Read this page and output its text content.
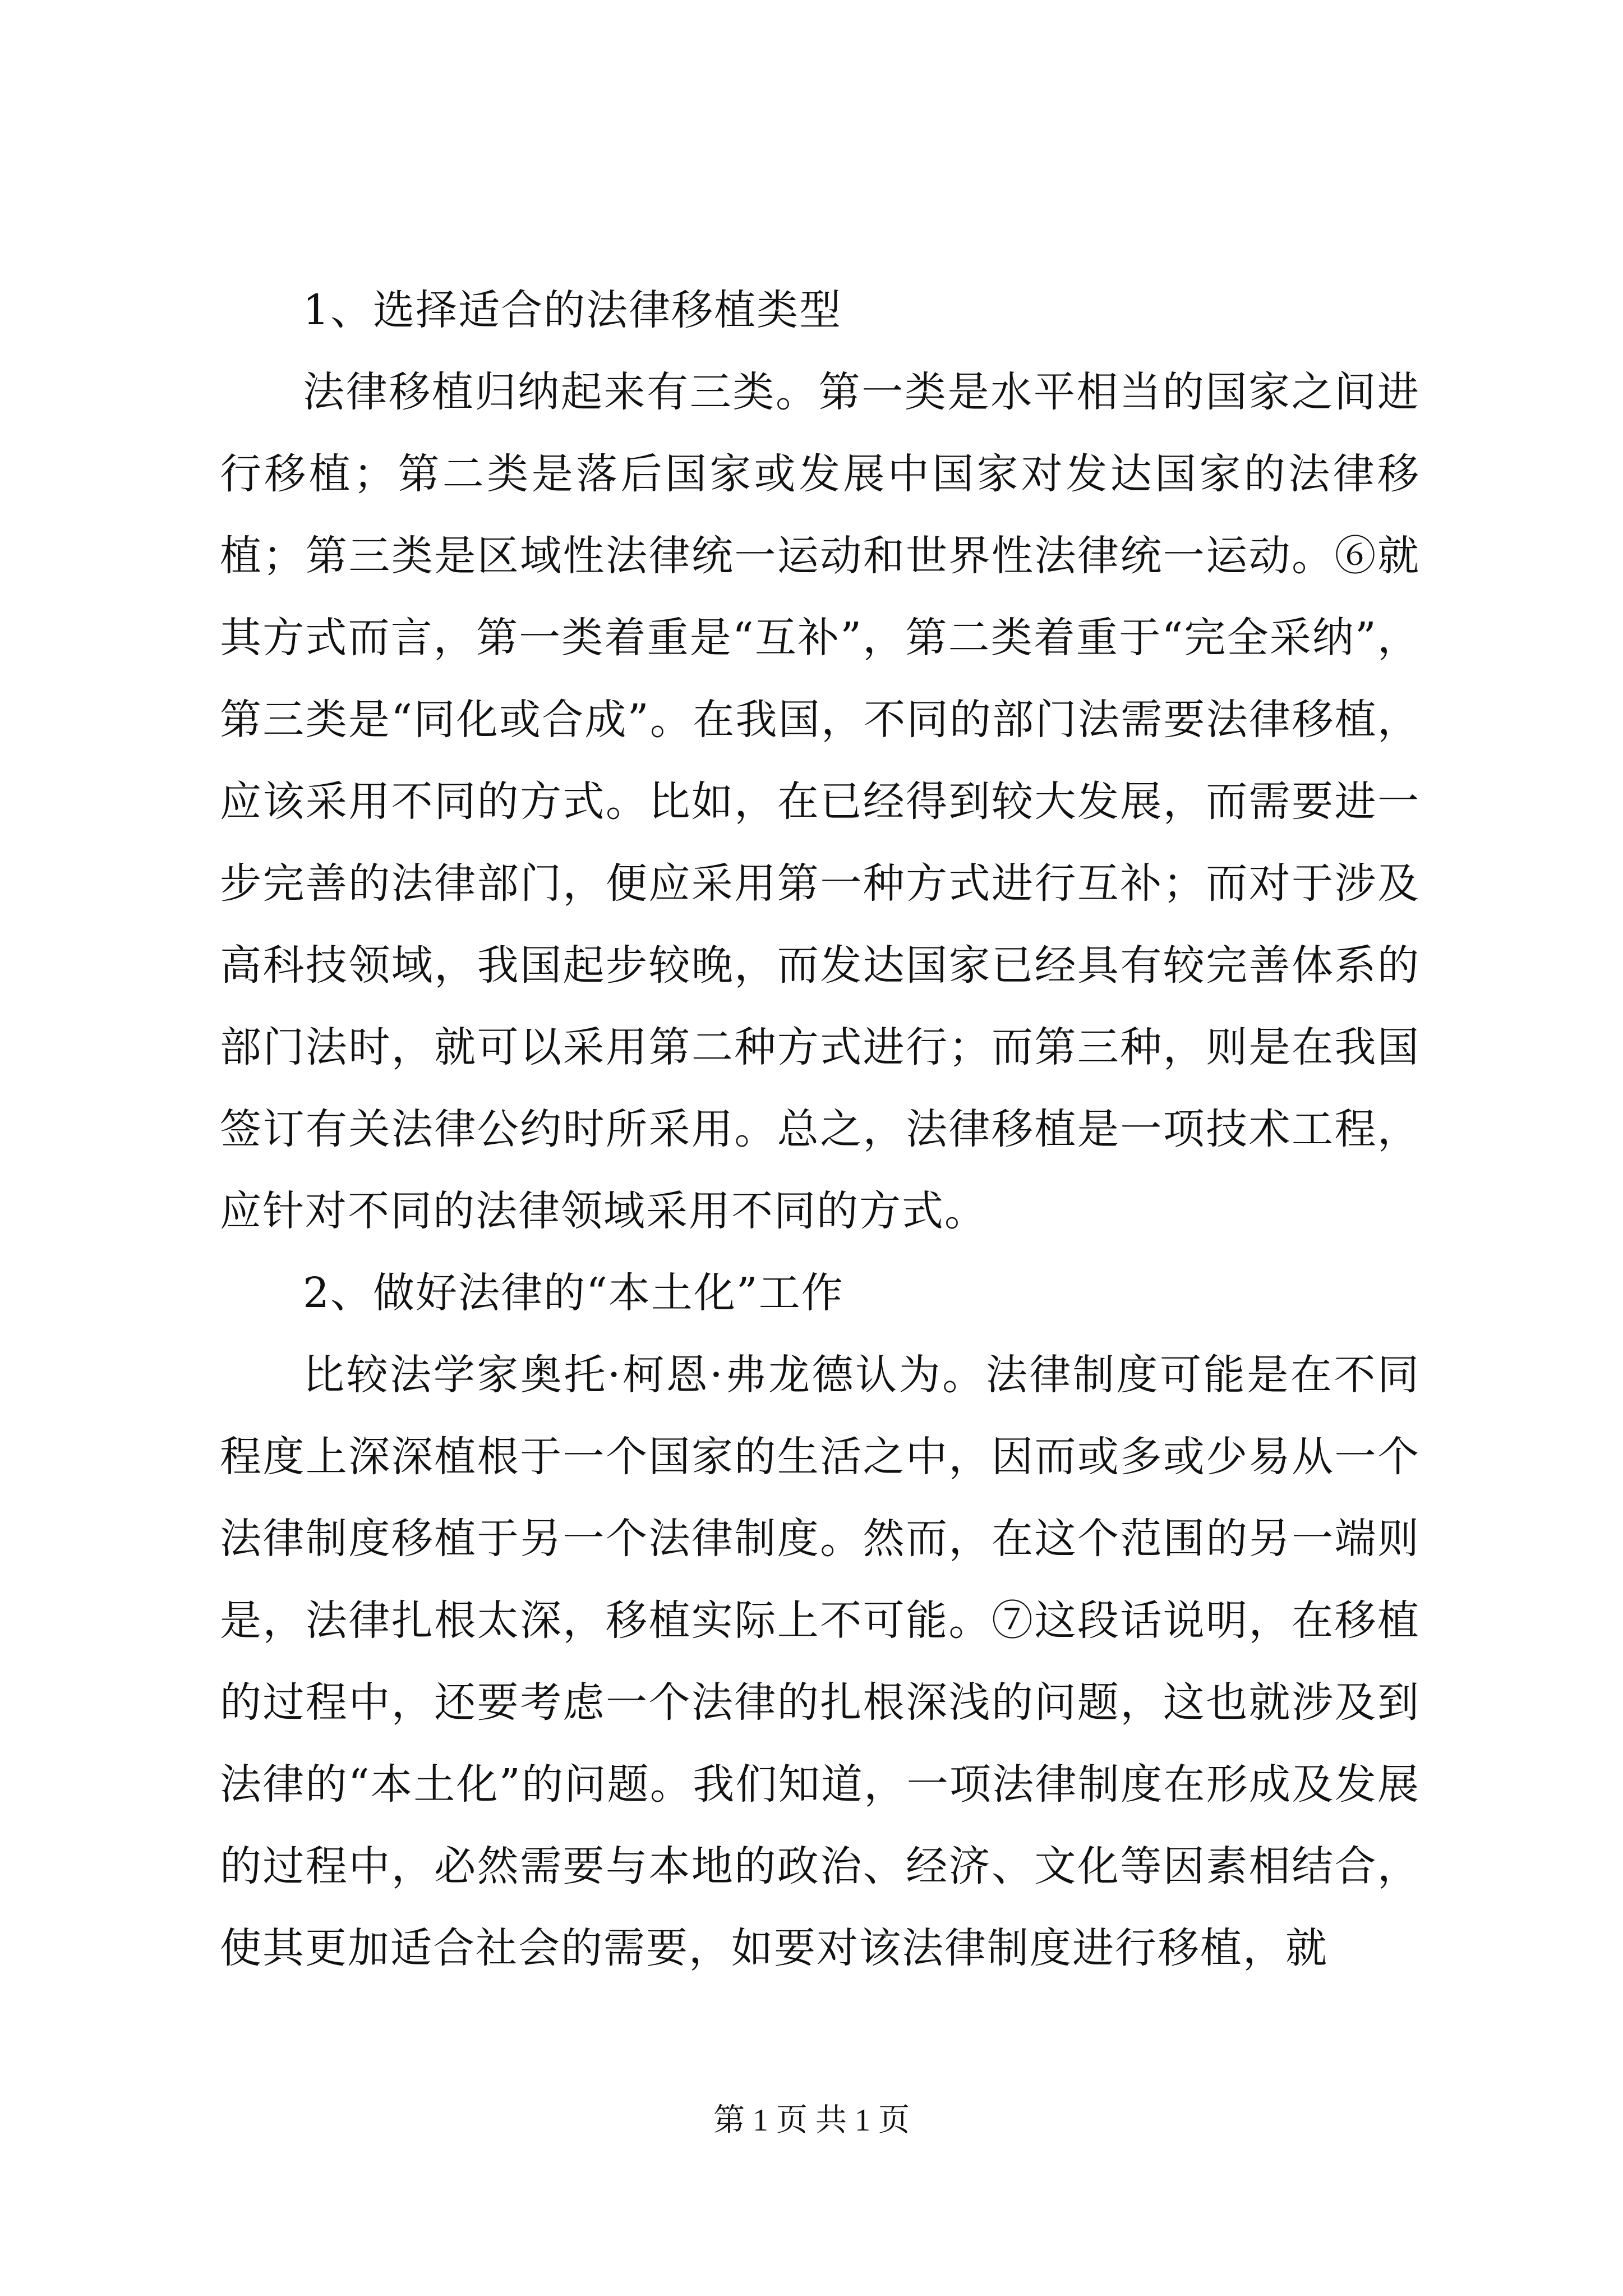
1、选择适合的法律移植类型

法律移植归纳起来有三类。第一类是水平相当的国家之间进行移植；第二类是落后国家或发展中国家对发达国家的法律移植；第三类是区域性法律统一运动和世界性法律统一运动。⑥就其方式而言，第一类着重是“互补”，第二类着重于“完全采纳”，第三类是“同化或合成”。在我国，不同的部门法需要法律移植，应该采用不同的方式。比如，在已经得到较大发展，而需要进一步完善的法律部门，便应采用第一种方式进行互补；而对于涉及高科技领域，我国起步较晚，而发达国家已经具有较完善体系的部门法时，就可以采用第二种方式进行；而第三种，则是在我国签订有关法律公约时所采用。总之，法律移植是一项技术工程，应针对不同的法律领域采用不同的方式。

2、做好法律的“本土化”工作

比较法学家奥托·柯恩·弗龙德认为。法律制度可能是在不同程度上深深植根于一个国家的生活之中，因而或多或少易从一个法律制度移植于另一个法律制度。然而，在这个范围的另一端则是，法律扎根太深，移植实际上不可能。⑦这段话说明，在移植的过程中，还要考虑一个法律的扎根深浅的问题，这也就涉及到法律的“本土化”的问题。我们知道，一项法律制度在形成及发展的过程中，必然需要与本地的政治、经济、文化等因素相结合，使其更加适合社会的需要，如要对该法律制度进行移植，就

第 1 页 共 1 页
